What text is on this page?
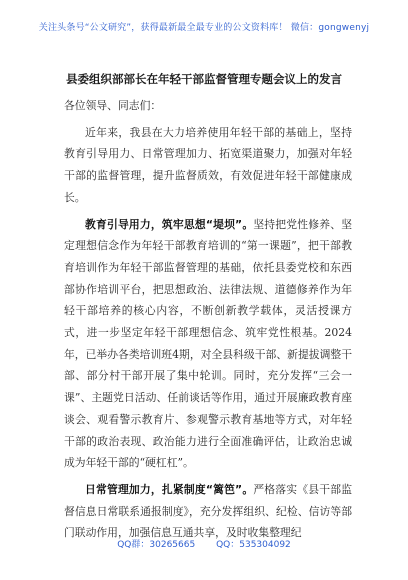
关注头条号“公文研究”，获得最新最全最专业的公文资料库！ 微信：gongwenyj
县委组织部部长在年轻干部监督管理专题会议上的发言

各位领导、同志们：

近年来，我县在大力培养使用年轻干部的基础上，坚持教育引导用力、日常管理加力、拓宽渠道聚力，加强对年轻干部的监督管理，提升监督质效，有效促进年轻干部健康成长。

教育引导用力，筑牢思想“堤坝”。坚持把党性修养、坚定理想信念作为年轻干部教育培训的“第一课题”，把干部教育培训作为年轻干部监督管理的基础，依托县委党校和东西部协作培训平台，把思想政治、法律法规、道德修养作为年轻干部培养的核心内容，不断创新教学载体，灵活授课方式，进一步坚定年轻干部理想信念、筑牢党性根基。2024年，已举办各类培训班4期，对全县科级干部、新提拔调整干部、部分村干部开展了集中轮训。同时，充分发挥“三会一课”、主题党日活动、任前谈话等作用，通过开展廉政教育座谈会、观看警示教育片、参观警示教育基地等方式，对年轻干部的政治表现、政治能力进行全面准确评估，让政治忠诚成为年轻干部的“硬杠杠”。

日常管理加力，扎紧制度“篱笆”。严格落实《县干部监督信息日常联系通报制度》，充分发挥组织、纪检、信访等部门联动作用，加强信息互通共享，及时收集整理纪

QQ群：30265665 QQ：535304092
